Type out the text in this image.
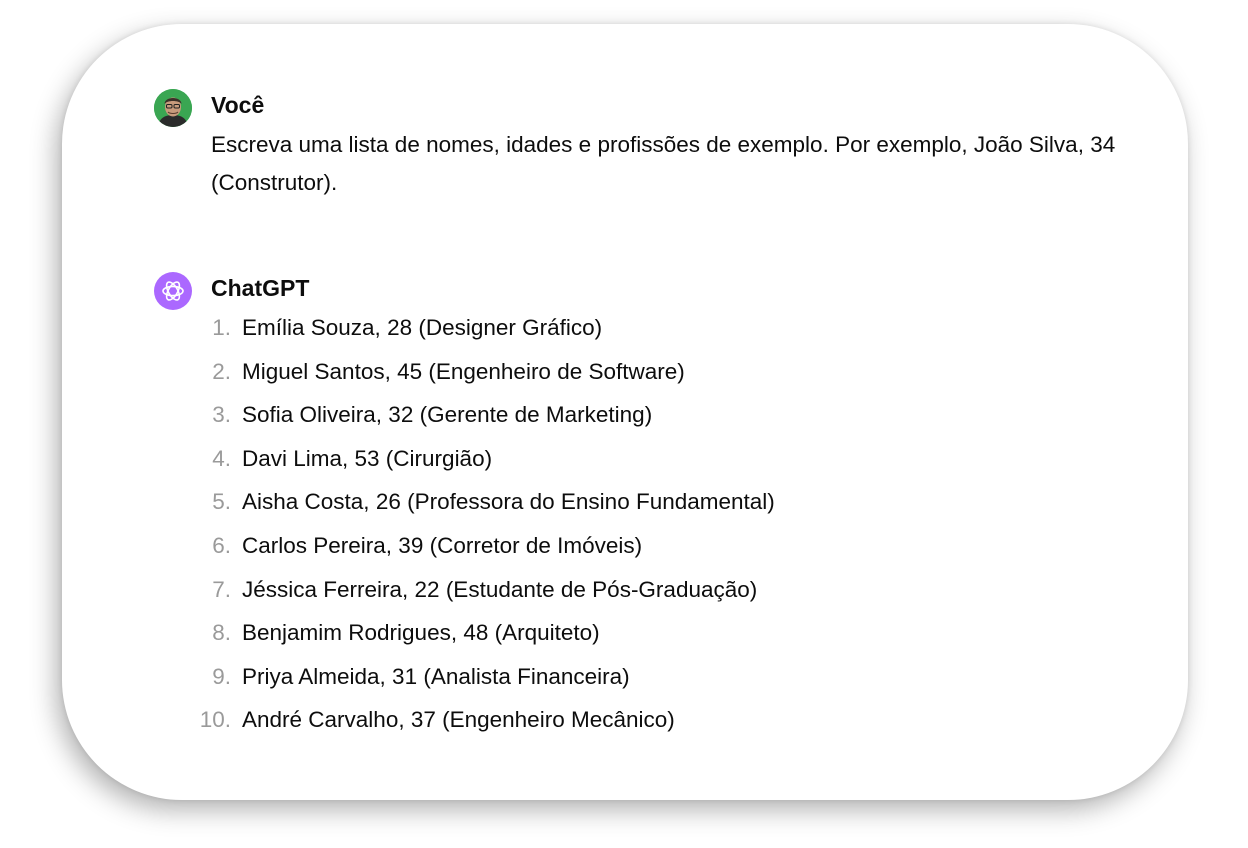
Você
Escreva uma lista de nomes, idades e profissões de exemplo. Por exemplo, João Silva, 34 (Construtor).
ChatGPT
1. Emília Souza, 28 (Designer Gráfico)
2. Miguel Santos, 45 (Engenheiro de Software)
3. Sofia Oliveira, 32 (Gerente de Marketing)
4. Davi Lima, 53 (Cirurgião)
5. Aisha Costa, 26 (Professora do Ensino Fundamental)
6. Carlos Pereira, 39 (Corretor de Imóveis)
7. Jéssica Ferreira, 22 (Estudante de Pós-Graduação)
8. Benjamim Rodrigues, 48 (Arquiteto)
9. Priya Almeida, 31 (Analista Financeira)
10. André Carvalho, 37 (Engenheiro Mecânico)
